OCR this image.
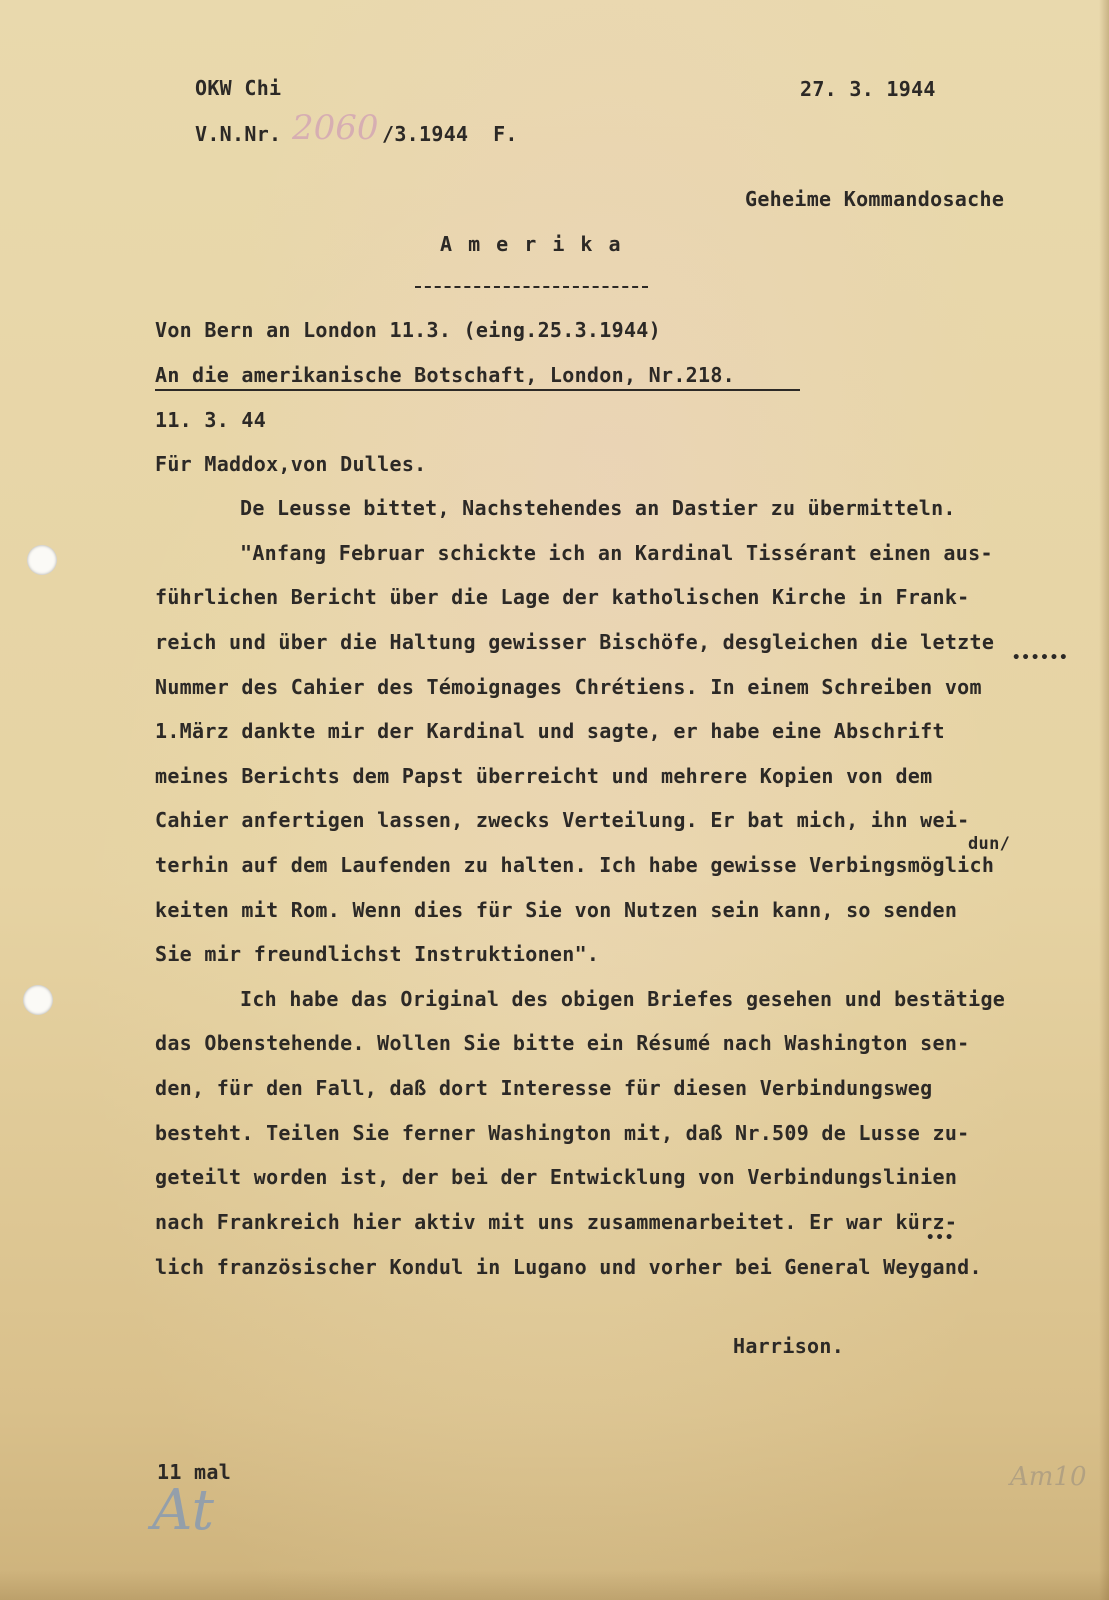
OKW Chi	27. 3. 1944
V.N.Nr. 2060 /3.1944  F.
Geheime Kommandosache
A m e r i k a
Von Bern an London 11.3. (eing.25.3.1944)
An die amerikanische Botschaft, London, Nr.218.
11. 3. 44
Für Maddox,von Dulles.
De Leusse bittet, Nachstehendes an Dastier zu übermitteln.
"Anfang Februar schickte ich an Kardinal Tissérant einen aus-
führlichen Bericht über die Lage der katholischen Kirche in Frank-
reich und über die Haltung gewisser Bischöfe, desgleichen die letzte
••••••
Nummer des Cahier des Témoignages Chrétiens. In einem Schreiben vom
1.März dankte mir der Kardinal und sagte, er habe eine Abschrift
meines Berichts dem Papst überreicht und mehrere Kopien von dem
Cahier anfertigen lassen, zwecks Verteilung. Er bat mich, ihn wei-
dun/
terhin auf dem Laufenden zu halten. Ich habe gewisse Verbingsmöglich
keiten mit Rom. Wenn dies für Sie von Nutzen sein kann, so senden
Sie mir freundlichst Instruktionen".
Ich habe das Original des obigen Briefes gesehen und bestätige
das Obenstehende. Wollen Sie bitte ein Résumé nach Washington sen-
den, für den Fall, daß dort Interesse für diesen Verbindungsweg
besteht. Teilen Sie ferner Washington mit, daß Nr.509 de Lusse zu-
geteilt worden ist, der bei der Entwicklung von Verbindungslinien
nach Frankreich hier aktiv mit uns zusammenarbeitet. Er war kürz-
•••
lich französischer Kondul in Lugano und vorher bei General Weygand.
Harrison.
11 mal
At
Am10
